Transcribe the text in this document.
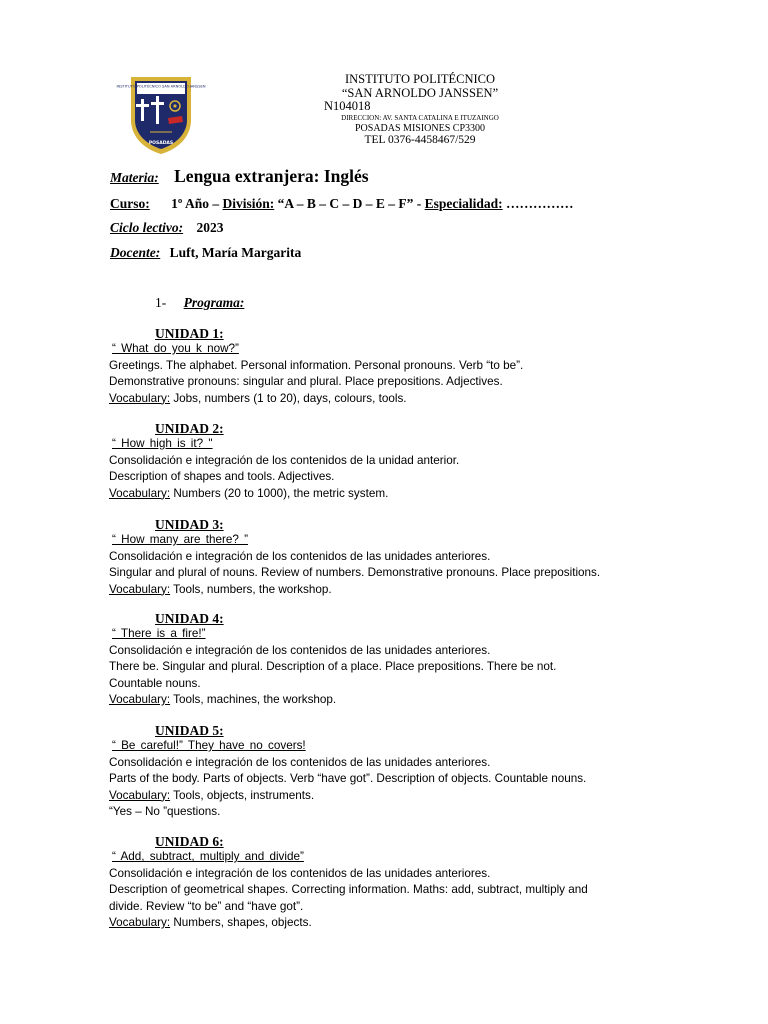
INSTITUTO POLITÉCNICO SAN ARNOLDO JANSSEN
POSADAS
INSTITUTO POLITÉCNICO
“SAN ARNOLDO JANSSEN”
N104018
DIRECCION: AV. SANTA CATALINA E ITUZAINGO
POSADAS MISIONES CP3300
TEL 0376-4458467/529
Materia: Lengua extranjera: Inglés
Curso: 1º Año – División: “A – B – C – D – E – F” - Especialidad: ……………
Ciclo lectivo: 2023
Docente: Luft, María Margarita
1- Programa:
UNIDAD 1:
“ What do you k now?”
Greetings. The alphabet. Personal information. Personal pronouns. Verb “to be”.
Demonstrative pronouns: singular and plural. Place prepositions. Adjectives.
Vocabulary: Jobs, numbers (1 to 20), days, colours, tools.
UNIDAD 2:
“ How high is it? "
Consolidación e integración de los contenidos de la unidad anterior.
Description of shapes and tools. Adjectives.
Vocabulary: Numbers (20 to 1000), the metric system.
UNIDAD 3:
“ How many are there? ”
Consolidación e integración de los contenidos de las unidades anteriores.
Singular and plural of nouns. Review of numbers. Demonstrative pronouns. Place prepositions.
Vocabulary: Tools, numbers, the workshop.
UNIDAD 4:
“ There is a fire!”
Consolidación e integración de los contenidos de las unidades anteriores.
There be. Singular and plural. Description of a place. Place prepositions. There be not.
Countable nouns.
Vocabulary: Tools, machines, the workshop.
UNIDAD 5:
“ Be careful!” They have no covers!
Consolidación e integración de los contenidos de las unidades anteriores.
Parts of the body. Parts of objects. Verb “have got”. Description of objects. Countable nouns.
Vocabulary: Tools, objects, instruments.
“Yes – No ”questions.
UNIDAD 6:
“ Add, subtract, multiply and divide”
Consolidación e integración de los contenidos de las unidades anteriores.
Description of geometrical shapes. Correcting information. Maths: add, subtract, multiply and
divide. Review “to be” and “have got”.
Vocabulary: Numbers, shapes, objects.
